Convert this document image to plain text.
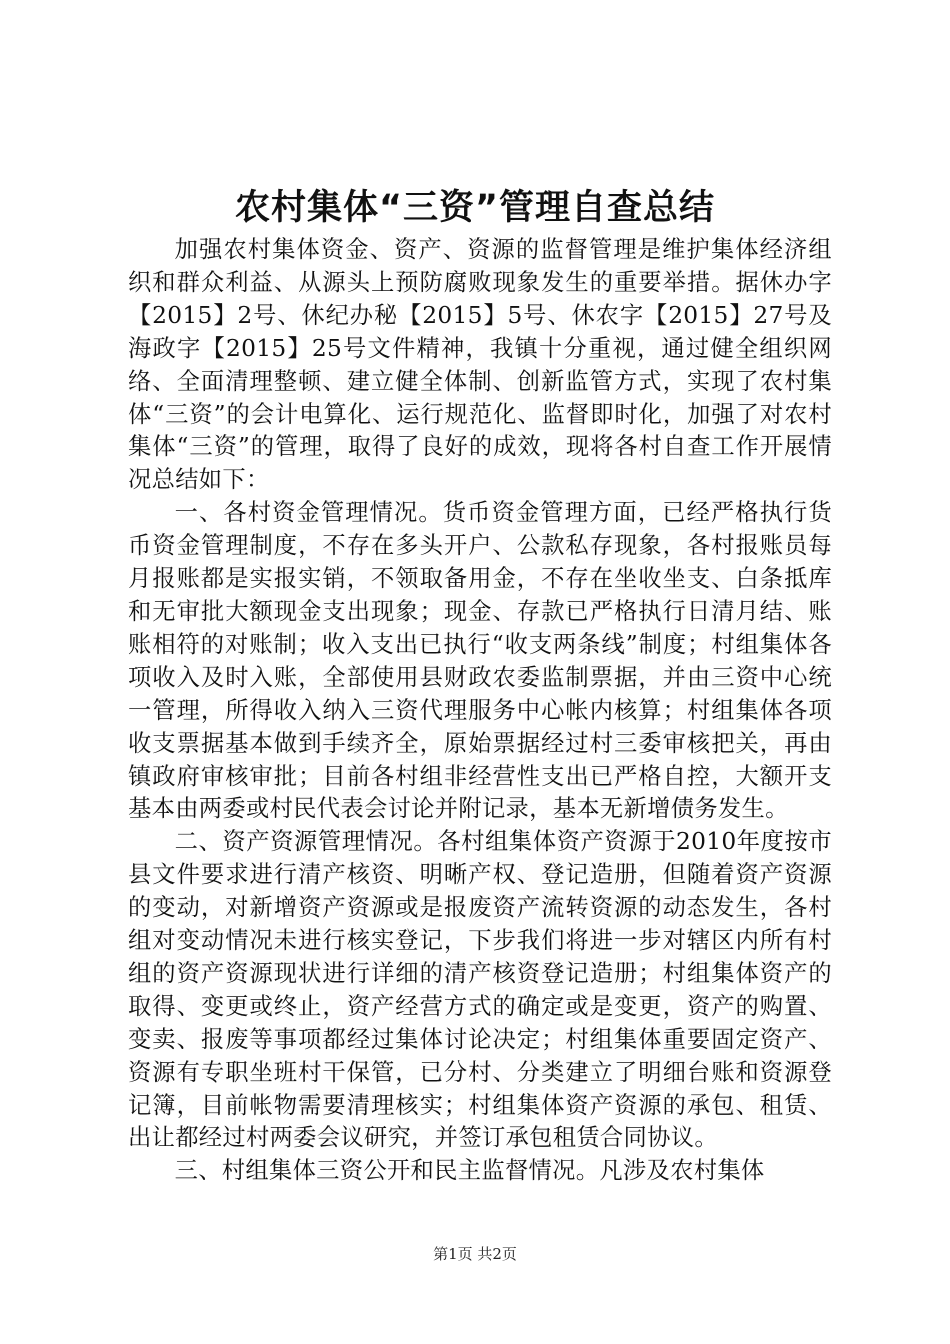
农村集体“三资”管理自查总结

加强农村集体资金、资产、资源的监督管理是维护集体经济组织和群众利益、从源头上预防腐败现象发生的重要举措。据休办字【2015】2号、休纪办秘【2015】5号、休农字【2015】27号及海政字【2015】25号文件精神，我镇十分重视，通过健全组织网络、全面清理整顿、建立健全体制、创新监管方式，实现了农村集体“三资”的会计电算化、运行规范化、监督即时化，加强了对农村集体“三资”的管理，取得了良好的成效，现将各村自查工作开展情况总结如下：

一、各村资金管理情况。货币资金管理方面，已经严格执行货币资金管理制度，不存在多头开户、公款私存现象，各村报账员每月报账都是实报实销，不领取备用金，不存在坐收坐支、白条抵库和无审批大额现金支出现象；现金、存款已严格执行日清月结、账账相符的对账制；收入支出已执行“收支两条线”制度；村组集体各项收入及时入账，全部使用县财政农委监制票据，并由三资中心统一管理，所得收入纳入三资代理服务中心帐内核算；村组集体各项收支票据基本做到手续齐全，原始票据经过村三委审核把关，再由镇政府审核审批；目前各村组非经营性支出已严格自控，大额开支基本由两委或村民代表会讨论并附记录，基本无新增债务发生。

二、资产资源管理情况。各村组集体资产资源于2010年度按市县文件要求进行清产核资、明晰产权、登记造册，但随着资产资源的变动，对新增资产资源或是报废资产流转资源的动态发生，各村组对变动情况未进行核实登记，下步我们将进一步对辖区内所有村组的资产资源现状进行详细的清产核资登记造册；村组集体资产的取得、变更或终止，资产经营方式的确定或是变更，资产的购置、变卖、报废等事项都经过集体讨论决定；村组集体重要固定资产、资源有专职坐班村干保管，已分村、分类建立了明细台账和资源登记簿，目前帐物需要清理核实；村组集体资产资源的承包、租赁、出让都经过村两委会议研究，并签订承包租赁合同协议。

三、村组集体三资公开和民主监督情况。凡涉及农村集体

第1页 共2页
